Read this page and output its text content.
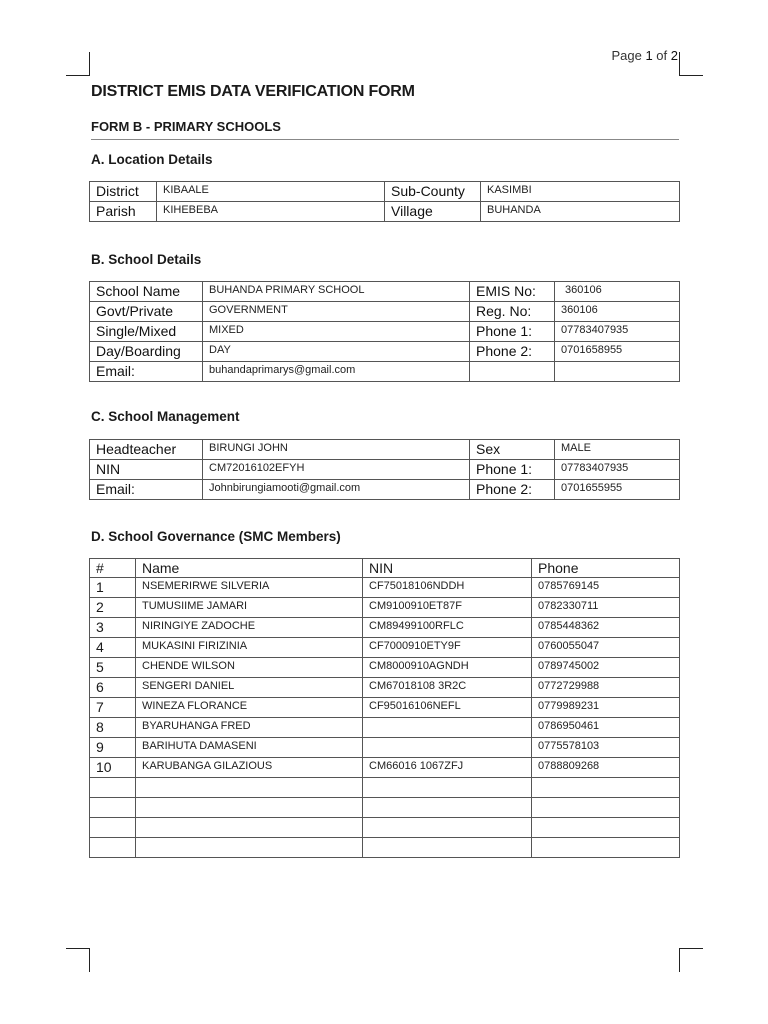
Page 1 of 2
DISTRICT EMIS DATA VERIFICATION FORM
FORM B - PRIMARY SCHOOLS
A. Location Details
District	KIBAALE	Sub-County	KASIMBI
Parish	KIHEBEBA	Village	BUHANDA
B. School Details
School Name	BUHANDA PRIMARY SCHOOL	EMIS No:	360106
Govt/Private	GOVERNMENT	Reg. No:	360106
Single/Mixed	MIXED	Phone 1:	07783407935
Day/Boarding	DAY	Phone 2:	0701658955
Email:	buhandaprimarys@gmail.com		
C. School Management
Headteacher	BIRUNGI JOHN	Sex	MALE
NIN	CM72016102EFYH	Phone 1:	07783407935
Email:	Johnbirungiamooti@gmail.com	Phone 2:	0701655955
D. School Governance (SMC Members)
#	Name	NIN	Phone
1	NSEMERIRWE SILVERIA	CF75018106NDDH	0785769145
2	TUMUSIIME JAMARI	CM9100910ET87F	0782330711
3	NIRINGIYE ZADOCHE	CM89499100RFLC	0785448362
4	MUKASINI FIRIZINIA	CF7000910ETY9F	0760055047
5	CHENDE WILSON	CM8000910AGNDH	0789745002
6	SENGERI DANIEL	CM67018108 3R2C	0772729988
7	WINEZA FLORANCE	CF95016106NEFL	0779989231
8	BYARUHANGA FRED		0786950461
9	BARIHUTA DAMASENI		0775578103
10	KARUBANGA GILAZIOUS	CM66016 1067ZFJ	0788809268
